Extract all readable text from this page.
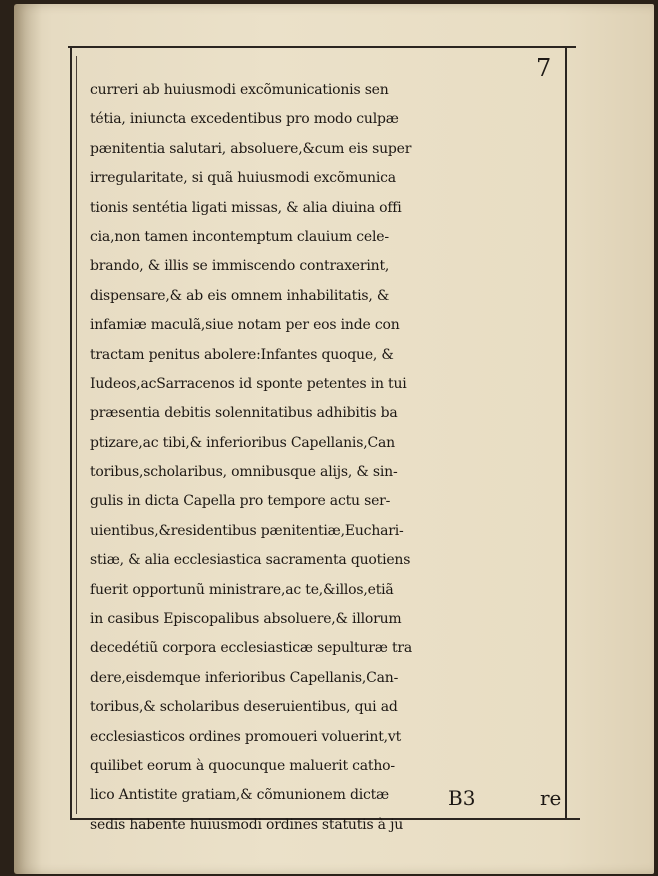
7
curreri ab huiusmodi excõmunicationis sen
tétia, iniuncta excedentibus pro modo culpæ
pænitentia salutari, absoluere,&cum eis super
irregularitate, si quã huiusmodi excõmunica
tionis sentétia ligati missas, & alia diuina offi
cia,non tamen incontemptum clauium cele-
brando, & illis se immiscendo contraxerint,
dispensare,& ab eis omnem inhabilitatis, &
infamiæ maculã,siue notam per eos inde con
tractam penitus abolere:Infantes quoque, &
Iudeos,acSarracenos id sponte petentes in tui
præsentia debitis solennitatibus adhibitis ba
ptizare,ac tibi,& inferioribus Capellanis,Can
toribus,scholaribus, omnibusque alijs, & sin-
gulis in dicta Capella pro tempore actu ser-
uientibus,&residentibus pænitentiæ,Euchari-
stiæ, & alia ecclesiastica sacramenta quotiens
fuerit opportunũ ministrare,ac te,&illos,etiã
in casibus Episcopalibus absoluere,& illorum
decedétiũ corpora ecclesiasticæ sepulturæ tra
dere,eisdemque inferioribus Capellanis,Can-
toribus,& scholaribus deseruientibus, qui ad
ecclesiasticos ordines promoueri voluerint,vt
quilibet eorum à quocunque maluerit catho-
lico Antistite gratiam,& cõmunionem dictæ
sedis habente huiusmodi ordines statutis à ju
B3	re
